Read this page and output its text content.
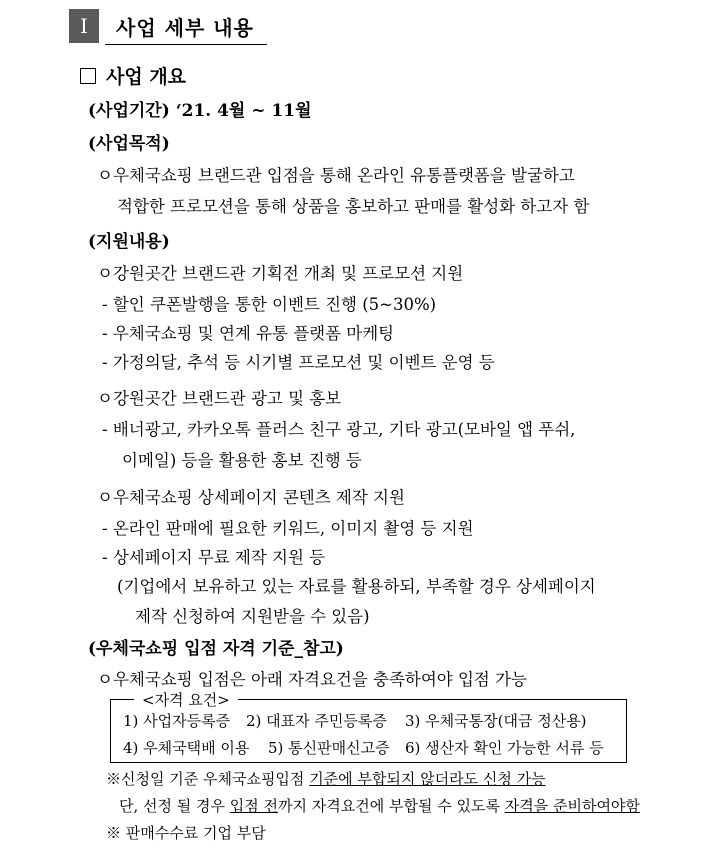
I	사업 세부 내용
사업 개요
(사업기간) ‘21. 4월 ~ 11월
(사업목적)
ㅇ우체국쇼핑 브랜드관 입점을 통해 온라인 유통플랫폼을 발굴하고
적합한 프로모션을 통해 상품을 홍보하고 판매를 활성화 하고자 함
(지원내용)
ㅇ강원곳간 브랜드관 기획전 개최 및 프로모션 지원
- 할인 쿠폰발행을 통한 이벤트 진행 (5~30%)
- 우체국쇼핑 및 연계 유통 플랫폼 마케팅
- 가정의달, 추석 등 시기별 프로모션 및 이벤트 운영 등
ㅇ강원곳간 브랜드관 광고 및 홍보
- 배너광고, 카카오톡 플러스 친구 광고, 기타 광고(모바일 앱 푸쉬,
이메일) 등을 활용한 홍보 진행 등
ㅇ우체국쇼핑 상세페이지 콘텐츠 제작 지원
- 온라인 판매에 필요한 키워드, 이미지 촬영 등 지원
- 상세페이지 무료 제작 지원 등
(기업에서 보유하고 있는 자료를 활용하되, 부족할 경우 상세페이지
제작 신청하여 지원받을 수 있음)
(우체국쇼핑 입점 자격 기준_참고)
ㅇ우체국쇼핑 입점은 아래 자격요건을 충족하여야 입점 가능
<자격 요건>
1) 사업자등록증 2) 대표자 주민등록증 3) 우체국통장(대금 정산용)
4) 우체국택배 이용 5) 통신판매신고증 6) 생산자 확인 가능한 서류 등
※신청일 기준 우체국쇼핑입점 기준에 부합되지 않더라도 신청 가능
단, 선정 될 경우 입점 전까지 자격요건에 부합될 수 있도록 자격을 준비하여야함
※ 판매수수료 기업 부담
